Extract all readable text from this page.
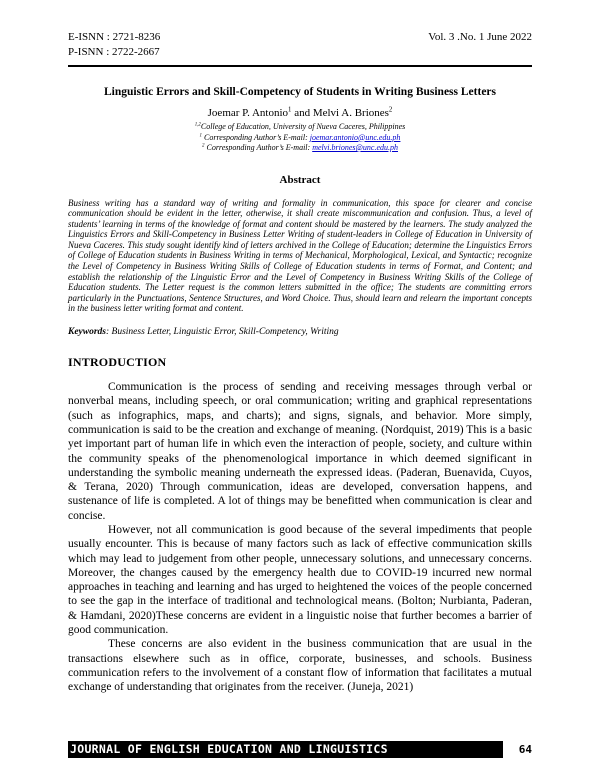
E-ISNN : 2721-8236
P-ISNN : 2722-2667
Vol. 3 .No. 1 June 2022
Linguistic Errors and Skill-Competency of Students in Writing Business Letters
Joemar P. Antonio$^1$ and Melvi A. Briones$^2$
$^{1,2}$College of Education, University of Nueva Caceres, Philippines
$^1$ Corresponding Author’s E-mail: joemar.antonio@unc.edu.ph
$^2$ Corresponding Author’s E-mail: melvi.briones@unc.edu.ph
Abstract

Business writing has a standard way of writing and formality in communication, this space for clearer and concise communication should be evident in the letter, otherwise, it shall create miscommunication and confusion. Thus, a level of students’ learning in terms of the knowledge of format and content should be mastered by the learners. The study analyzed the Linguistics Errors and Skill-Competency in Business Letter Writing of student-leaders in College of Education in University of Nueva Caceres. This study sought identify kind of letters archived in the College of Education; determine the Linguistics Errors of College of Education students in Business Writing in terms of Mechanical, Morphological, Lexical, and Syntactic; recognize the Level of Competency in Business Writing Skills of College of Education students in terms of Format, and Content; and establish the relationship of the Linguistic Error and the Level of Competency in Business Writing Skills of the College of Education students. The Letter request is the common letters submitted in the office; The students are committing errors particularly in the Punctuations, Sentence Structures, and Word Choice. Thus, should learn and relearn the important concepts in the business letter writing format and content.

Keywords: Business Letter, Linguistic Error, Skill-Competency, Writing
INTRODUCTION

Communication is the process of sending and receiving messages through verbal or nonverbal means, including speech, or oral communication; writing and graphical representations (such as infographics, maps, and charts); and signs, signals, and behavior. More simply, communication is said to be the creation and exchange of meaning. (Nordquist, 2019) This is a basic yet important part of human life in which even the interaction of people, society, and culture within the community speaks of the phenomenological importance in which deemed significant in understanding the symbolic meaning underneath the expressed ideas. (Paderan, Buenavida, Cuyos, & Terana, 2020) Through communication, ideas are developed, conversation happens, and sustenance of life is completed. A lot of things may be benefitted when communication is clear and concise.

However, not all communication is good because of the several impediments that people usually encounter. This is because of many factors such as lack of effective communication skills which may lead to judgement from other people, unnecessary solutions, and unnecessary concerns. Moreover, the changes caused by the emergency health due to COVID-19 incurred new normal approaches in teaching and learning and has urged to heightened the voices of the people concerned to see the gap in the interface of traditional and technological means. (Bolton; Nurbianta, Paderan, & Hamdani, 2020)These concerns are evident in a linguistic noise that further becomes a barrier of good communication.

These concerns are also evident in the business communication that are usual in the transactions elsewhere such as in office, corporate, businesses, and schools. Business communication refers to the involvement of a constant flow of information that facilitates a mutual exchange of understanding that originates from the receiver. (Juneja, 2021)

JOURNAL OF ENGLISH EDUCATION AND LINGUISTICS	64
